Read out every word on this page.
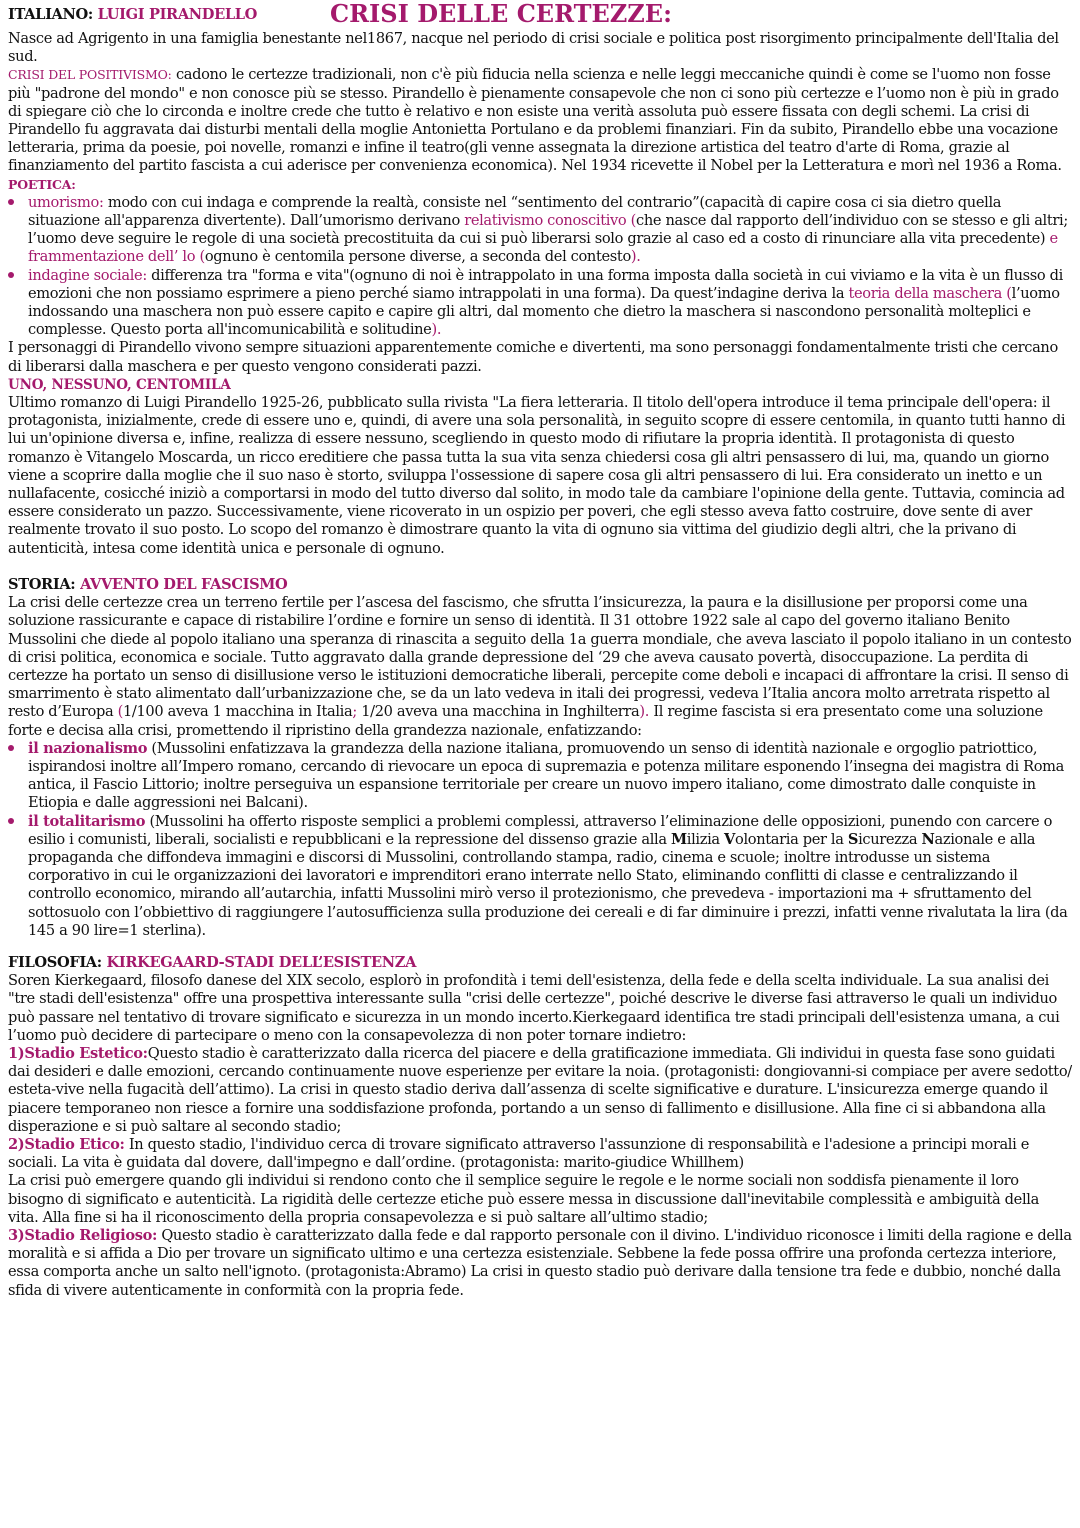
ITALIANO: LUIGI PIRANDELLO	CRISI DELLE CERTEZZE:

Nasce ad Agrigento in una famiglia benestante nel1867, nacque nel periodo di crisi sociale e politica post risorgimento principalmente dell'Italia del sud.

CRISI DEL POSITIVISMO: cadono le certezze tradizionali, non c'è più fiducia nella scienza e nelle leggi meccaniche quindi è come se l'uomo non fosse più "padrone del mondo" e non conosce più se stesso. Pirandello è pienamente consapevole che non ci sono più certezze e l’uomo non è più in grado di spiegare ciò che lo circonda e inoltre crede che tutto è relativo e non esiste una verità assoluta può essere fissata con degli schemi. La crisi di Pirandello fu aggravata dai disturbi mentali della moglie Antonietta Portulano e da problemi finanziari. Fin da subito, Pirandello ebbe una vocazione letteraria, prima da poesie, poi novelle, romanzi e infine il teatro(gli venne assegnata la direzione artistica del teatro d'arte di Roma, grazie al finanziamento del partito fascista a cui aderisce per convenienza economica). Nel 1934 ricevette il Nobel per la Letteratura e morì nel 1936 a Roma.

POETICA:

umorismo: modo con cui indaga e comprende la realtà, consiste nel “sentimento del contrario”(capacità di capire cosa ci sia dietro quella situazione all'apparenza divertente). Dall’umorismo derivano relativismo conoscitivo (che nasce dal rapporto dell’individuo con se stesso e gli altri; l’uomo deve seguire le regole di una società precostituita da cui si può liberarsi solo grazie al caso ed a costo di rinunciare alla vita precedente) e frammentazione dell’ lo (ognuno è centomila persone diverse, a seconda del contesto).
indagine sociale: differenza tra "forma e vita"(ognuno di noi è intrappolato in una forma imposta dalla società in cui viviamo e la vita è un flusso di emozioni che non possiamo esprimere a pieno perché siamo intrappolati in una forma). Da quest’indagine deriva la teoria della maschera (l’uomo indossando una maschera non può essere capito e capire gli altri, dal momento che dietro la maschera si nascondono personalità molteplici e complesse. Questo porta all'incomunicabilità e solitudine).

I personaggi di Pirandello vivono sempre situazioni apparentemente comiche e divertenti, ma sono personaggi fondamentalmente tristi che cercano di liberarsi dalla maschera e per questo vengono considerati pazzi.

UNO, NESSUNO, CENTOMILA

Ultimo romanzo di Luigi Pirandello 1925-26, pubblicato sulla rivista "La fiera letteraria. Il titolo dell'opera introduce il tema principale dell'opera: il protagonista, inizialmente, crede di essere uno e, quindi, di avere una sola personalità, in seguito scopre di essere centomila, in quanto tutti hanno di lui un'opinione diversa e, infine, realizza di essere nessuno, scegliendo in questo modo di rifiutare la propria identità. Il protagonista di questo romanzo è Vitangelo Moscarda, un ricco ereditiere che passa tutta la sua vita senza chiedersi cosa gli altri pensassero di lui, ma, quando un giorno viene a scoprire dalla moglie che il suo naso è storto, sviluppa l'ossessione di sapere cosa gli altri pensassero di lui. Era considerato un inetto e un nullafacente, cosicché iniziò a comportarsi in modo del tutto diverso dal solito, in modo tale da cambiare l'opinione della gente. Tuttavia, comincia ad essere considerato un pazzo. Successivamente, viene ricoverato in un ospizio per poveri, che egli stesso aveva fatto costruire, dove sente di aver realmente trovato il suo posto. Lo scopo del romanzo è dimostrare quanto la vita di ognuno sia vittima del giudizio degli altri, che la privano di autenticità, intesa come identità unica e personale di ognuno.

STORIA: AVVENTO DEL FASCISMO

La crisi delle certezze crea un terreno fertile per l’ascesa del fascismo, che sfrutta l’insicurezza, la paura e la disillusione per proporsi come una soluzione rassicurante e capace di ristabilire l’ordine e fornire un senso di identità. Il 31 ottobre 1922 sale al capo del governo italiano Benito Mussolini che diede al popolo italiano una speranza di rinascita a seguito della 1a guerra mondiale, che aveva lasciato il popolo italiano in un contesto di crisi politica, economica e sociale. Tutto aggravato dalla grande depressione del ‘29 che aveva causato povertà, disoccupazione. La perdita di certezze ha portato un senso di disillusione verso le istituzioni democratiche liberali, percepite come deboli e incapaci di affrontare la crisi. Il senso di smarrimento è stato alimentato dall’urbanizzazione che, se da un lato vedeva in itali dei progressi, vedeva l’Italia ancora molto arretrata rispetto al resto d’Europa (1/100 aveva 1 macchina in Italia; 1/20 aveva una macchina in Inghilterra). Il regime fascista si era presentato come una soluzione forte e decisa alla crisi, promettendo il ripristino della grandezza nazionale, enfatizzando:

il nazionalismo (Mussolini enfatizzava la grandezza della nazione italiana, promuovendo un senso di identità nazionale e orgoglio patriottico, ispirandosi inoltre all’Impero romano, cercando di rievocare un epoca di supremazia e potenza militare esponendo l’insegna dei magistra di Roma antica, il Fascio Littorio; inoltre perseguiva un espansione territoriale per creare un nuovo impero italiano, come dimostrato dalle conquiste in Etiopia e dalle aggressioni nei Balcani).
il totalitarismo (Mussolini ha offerto risposte semplici a problemi complessi, attraverso l’eliminazione delle opposizioni, punendo con carcere o esilio i comunisti, liberali, socialisti e repubblicani e la repressione del dissenso grazie alla Milizia Volontaria per la Sicurezza Nazionale e alla propaganda che diffondeva immagini e discorsi di Mussolini, controllando stampa, radio, cinema e scuole; inoltre introdusse un sistema corporativo in cui le organizzazioni dei lavoratori e imprenditori erano interrate nello Stato, eliminando conflitti di classe e centralizzando il controllo economico, mirando all’autarchia, infatti Mussolini mirò verso il protezionismo, che prevedeva - importazioni ma + sfruttamento del sottosuolo con l’obbiettivo di raggiungere l’autosufficienza sulla produzione dei cereali e di far diminuire i prezzi, infatti venne rivalutata la lira (da 145 a 90 lire=1 sterlina).

FILOSOFIA: KIRKEGAARD-STADI DELL’ESISTENZA

Soren Kierkegaard, filosofo danese del XIX secolo, esplorò in profondità i temi dell'esistenza, della fede e della scelta individuale. La sua analisi dei "tre stadi dell'esistenza" offre una prospettiva interessante sulla "crisi delle certezze", poiché descrive le diverse fasi attraverso le quali un individuo può passare nel tentativo di trovare significato e sicurezza in un mondo incerto.Kierkegaard identifica tre stadi principali dell'esistenza umana, a cui l’uomo può decidere di partecipare o meno con la consapevolezza di non poter tornare indietro:

1)Stadio Estetico:Questo stadio è caratterizzato dalla ricerca del piacere e della gratificazione immediata. Gli individui in questa fase sono guidati dai desideri e dalle emozioni, cercando continuamente nuove esperienze per evitare la noia. (protagonisti: dongiovanni-si compiace per avere sedotto/ esteta-vive nella fugacità dell’attimo). La crisi in questo stadio deriva dall’assenza di scelte significative e durature. L'insicurezza emerge quando il piacere temporaneo non riesce a fornire una soddisfazione profonda, portando a un senso di fallimento e disillusione. Alla fine ci si abbandona alla disperazione e si può saltare al secondo stadio;

2)Stadio Etico: In questo stadio, l'individuo cerca di trovare significato attraverso l'assunzione di responsabilità e l'adesione a principi morali e sociali. La vita è guidata dal dovere, dall'impegno e dall’ordine. (protagonista: marito-giudice Whillhem)

La crisi può emergere quando gli individui si rendono conto che il semplice seguire le regole e le norme sociali non soddisfa pienamente il loro bisogno di significato e autenticità. La rigidità delle certezze etiche può essere messa in discussione dall'inevitabile complessità e ambiguità della vita. Alla fine si ha il riconoscimento della propria consapevolezza e si può saltare all’ultimo stadio;

3)Stadio Religioso: Questo stadio è caratterizzato dalla fede e dal rapporto personale con il divino. L'individuo riconosce i limiti della ragione e della moralità e si affida a Dio per trovare un significato ultimo e una certezza esistenziale. Sebbene la fede possa offrire una profonda certezza interiore, essa comporta anche un salto nell'ignoto. (protagonista:Abramo) La crisi in questo stadio può derivare dalla tensione tra fede e dubbio, nonché dalla sfida di vivere autenticamente in conformità con la propria fede.
